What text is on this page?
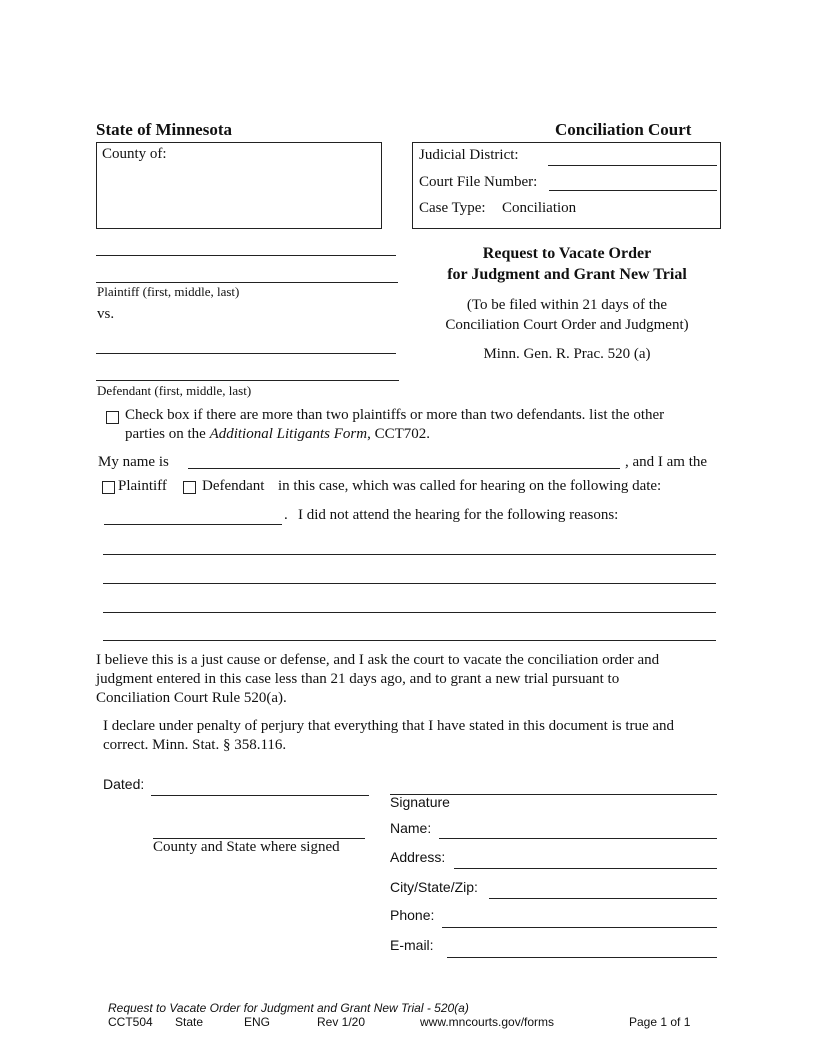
State of Minnesota	Conciliation Court
County of:	Judicial District:
Court File Number:
Case Type: Conciliation
Plaintiff (first, middle, last)
vs.
Defendant (first, middle, last)
Request to Vacate Order
for Judgment and Grant New Trial
(To be filed within 21 days of the
Conciliation Court Order and Judgment)
Minn. Gen. R. Prac. 520 (a)
Check box if there are more than two plaintiffs or more than two defendants. list the other
parties on the Additional Litigants Form, CCT702.
My name is	, and I am the
Plaintiff Defendant in this case, which was called for hearing on the following date:
. I did not attend the hearing for the following reasons:
I believe this is a just cause or defense, and I ask the court to vacate the conciliation order and
judgment entered in this case less than 21 days ago, and to grant a new trial pursuant to
Conciliation Court Rule 520(a).
I declare under penalty of perjury that everything that I have stated in this document is true and
correct. Minn. Stat. § 358.116.
Dated:
County and State where signed
Signature
Name:
Address:
City/State/Zip:
Phone:
E-mail:
Request to Vacate Order for Judgment and Grant New Trial - 520(a)
CCT504 State	ENG	Rev 1/20	www.mncourts.gov/forms	Page 1 of 1
